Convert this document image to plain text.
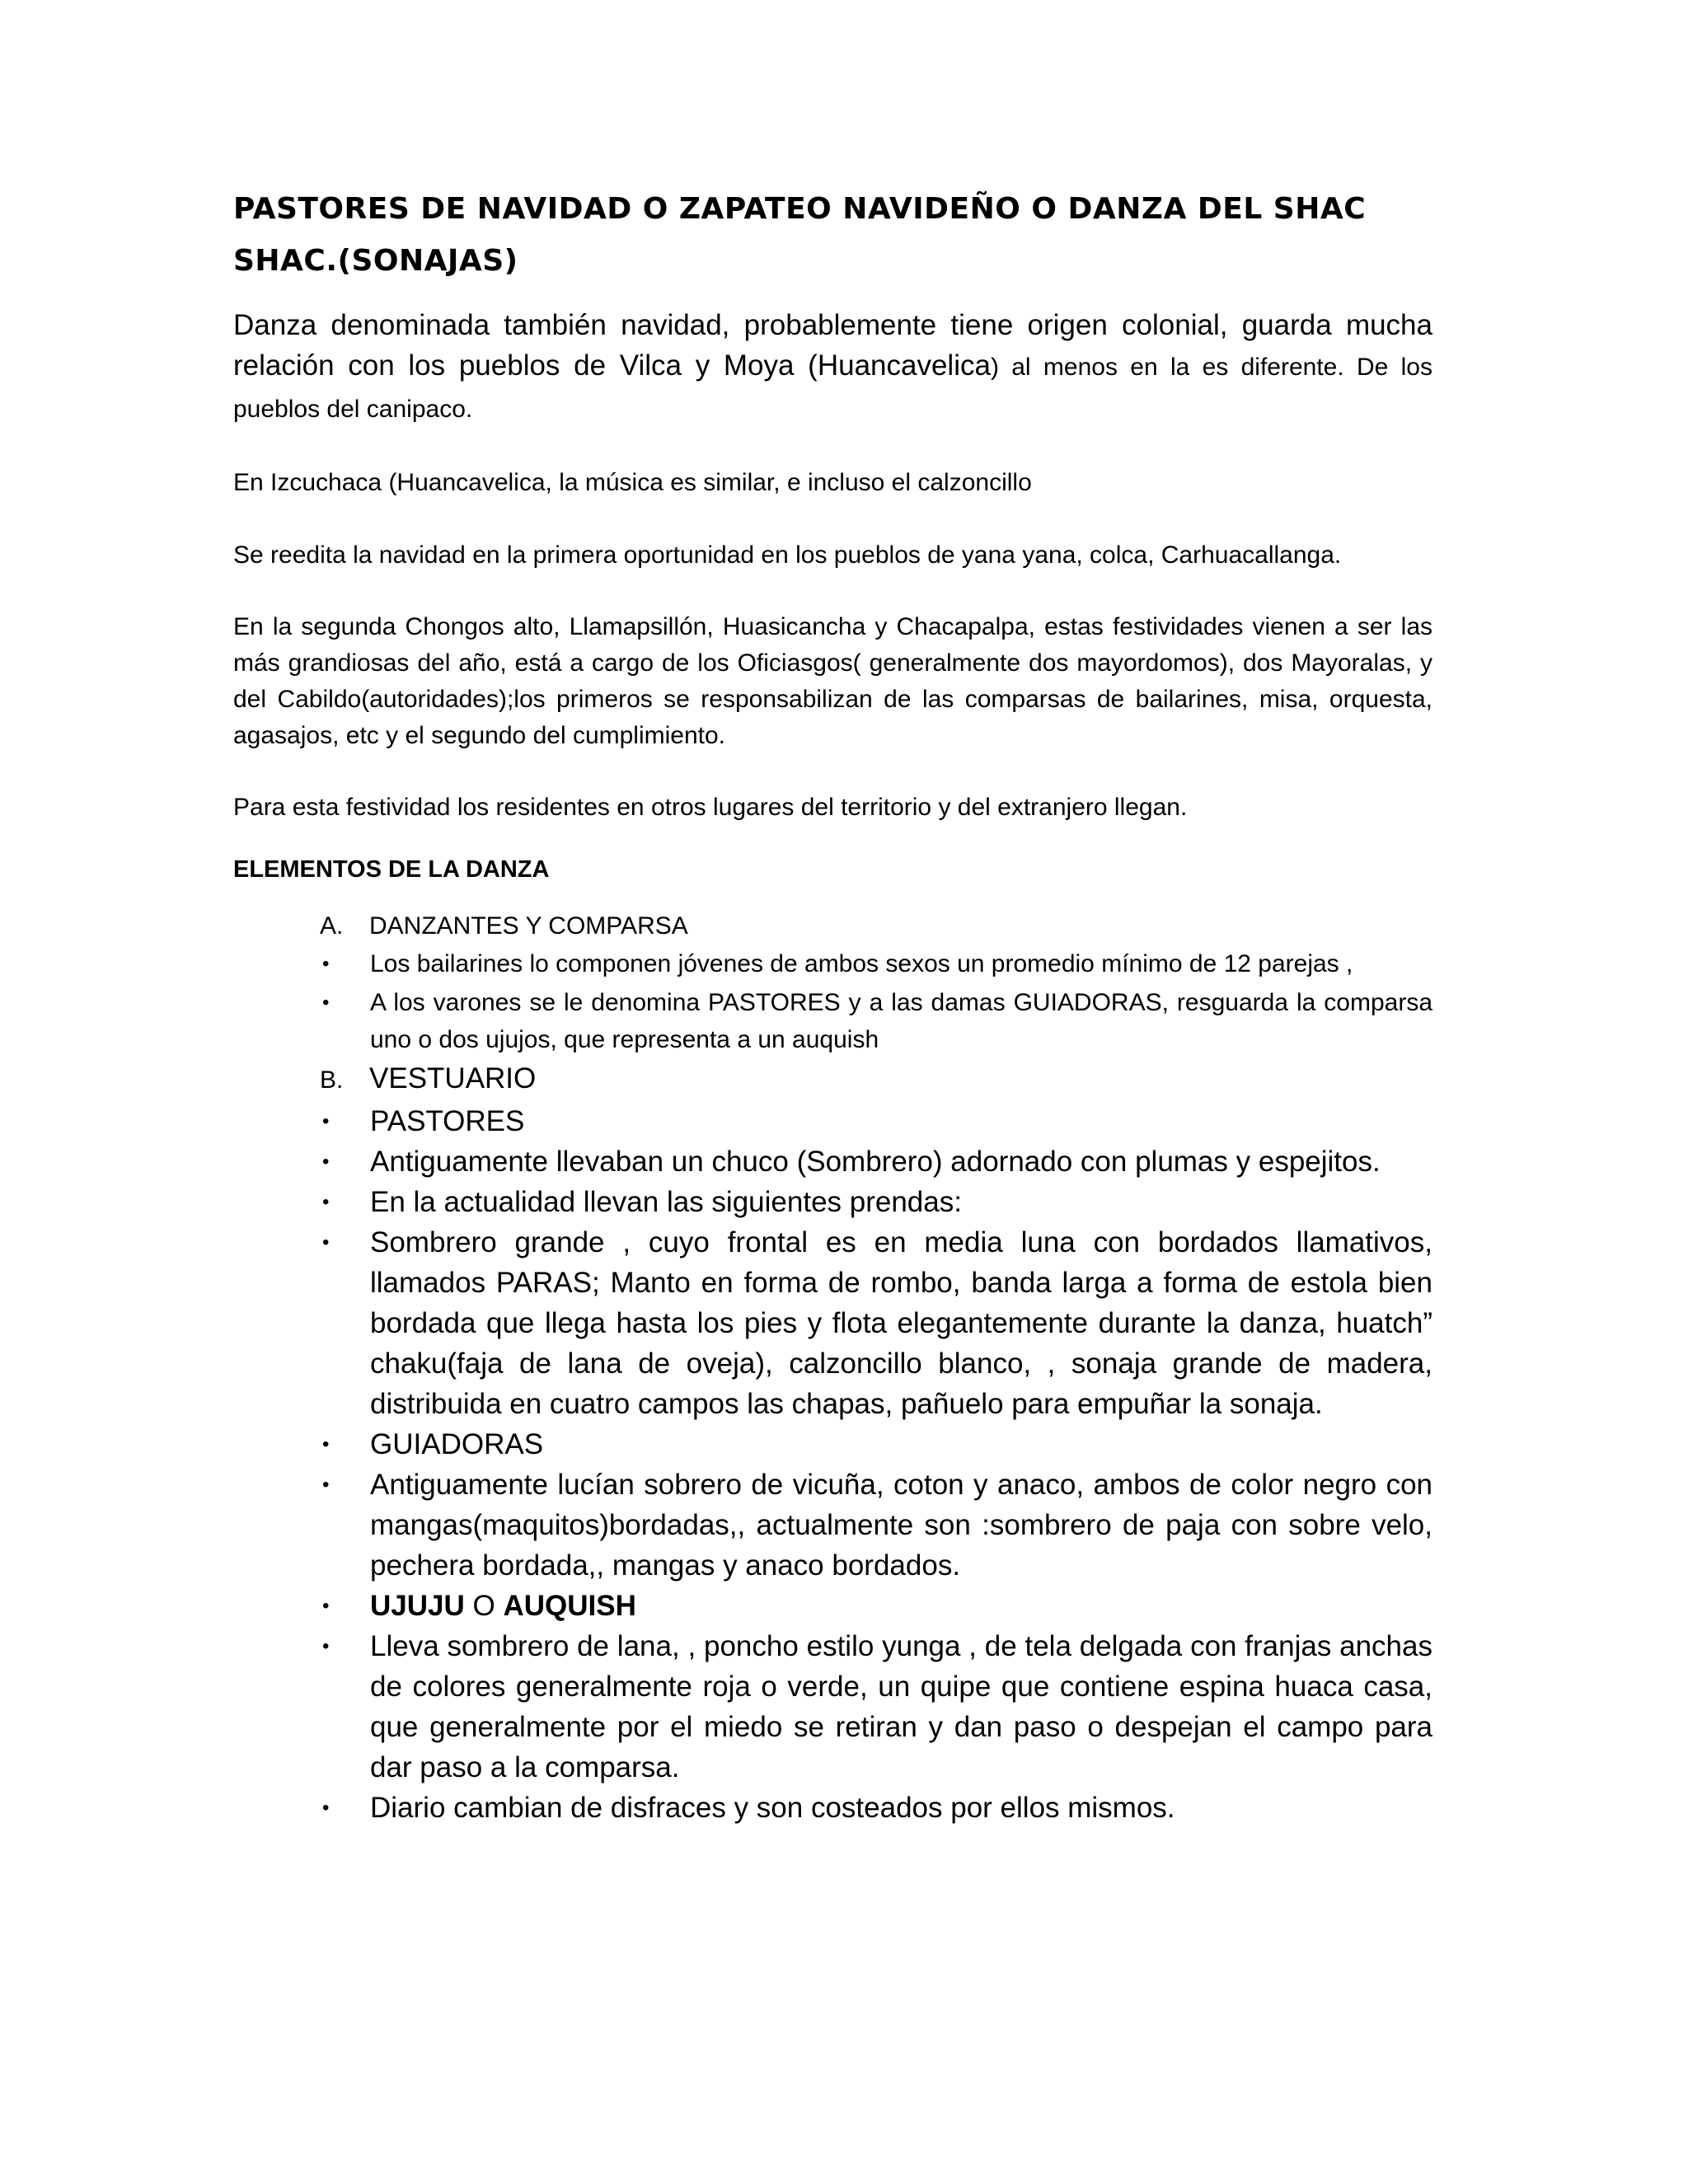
PASTORES DE NAVIDAD O ZAPATEO NAVIDEÑO O DANZA DEL SHAC SHAC.(SONAJAS)

Danza denominada también navidad, probablemente tiene origen colonial, guarda mucha relación con los pueblos de Vilca y Moya (Huancavelica) al menos en la es diferente. De los pueblos del canipaco.

En Izcuchaca (Huancavelica, la música es similar, e incluso el calzoncillo

Se reedita la navidad en la primera oportunidad en los pueblos de yana yana, colca, Carhuacallanga.

En la segunda Chongos alto, Llamapsillón, Huasicancha y Chacapalpa, estas festividades vienen a ser las más grandiosas del año, está a cargo de los Oficiasgos( generalmente dos mayordomos), dos Mayoralas, y del Cabildo(autoridades);los primeros se responsabilizan de las comparsas de bailarines, misa, orquesta, agasajos, etc y el segundo del cumplimiento.

Para esta festividad los residentes en otros lugares del territorio y del extranjero llegan.

ELEMENTOS DE LA DANZA
A. DANZANTES Y COMPARSA
• Los bailarines lo componen jóvenes de ambos sexos un promedio mínimo de 12 parejas ,
• A los varones se le denomina PASTORES y a las damas GUIADORAS, resguarda la comparsa uno o dos ujujos, que representa a un auquish
B. VESTUARIO
• PASTORES
• Antiguamente llevaban un chuco (Sombrero) adornado con plumas y espejitos.
• En la actualidad llevan las siguientes prendas:
• Sombrero grande , cuyo frontal es en media luna con bordados llamativos, llamados PARAS; Manto en forma de rombo, banda larga a forma de estola bien bordada que llega hasta los pies y flota elegantemente durante la danza, huatch” chaku(faja de lana de oveja), calzoncillo blanco, , sonaja grande de madera, distribuida en cuatro campos las chapas, pañuelo para empuñar la sonaja.
• GUIADORAS
• Antiguamente lucían sobrero de vicuña, coton y anaco, ambos de color negro con mangas(maquitos)bordadas,, actualmente son :sombrero de paja con sobre velo, pechera bordada,, mangas y anaco bordados.
• UJUJU O AUQUISH
• Lleva sombrero de lana, , poncho estilo yunga , de tela delgada con franjas anchas de colores generalmente roja o verde, un quipe que contiene espina huaca casa, que generalmente por el miedo se retiran y dan paso o despejan el campo para dar paso a la comparsa.
• Diario cambian de disfraces y son costeados por ellos mismos.
